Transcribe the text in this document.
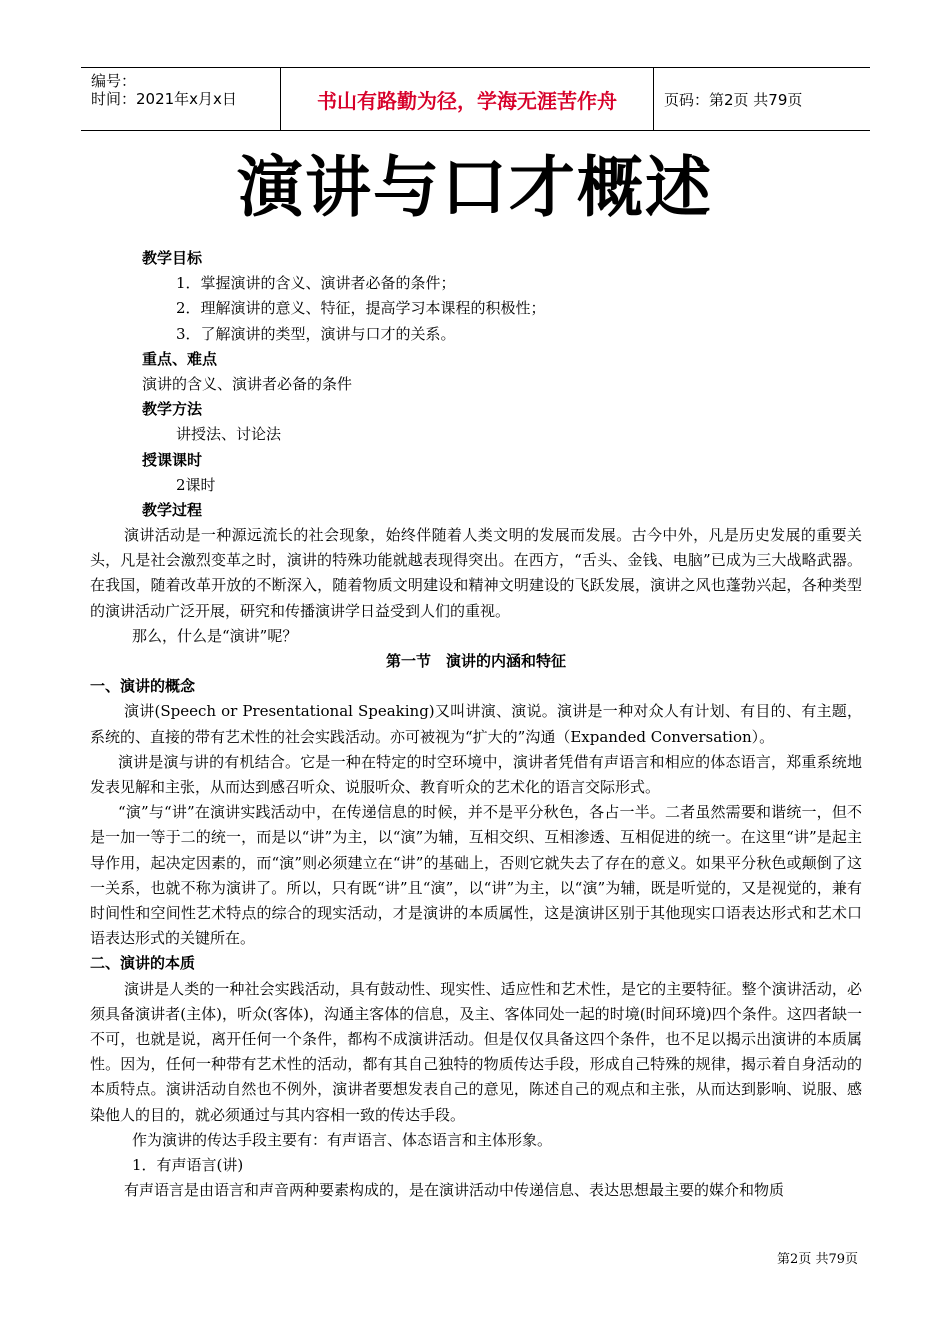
编号：
时间：2021年x月x日	书山有路勤为径，学海无涯苦作舟	页码：第2页 共79页
演讲与口才概述
教学目标
1．掌握演讲的含义、演讲者必备的条件；
2．理解演讲的意义、特征，提高学习本课程的积极性；
3．了解演讲的类型，演讲与口才的关系。
重点、难点
演讲的含义、演讲者必备的条件
教学方法
讲授法、讨论法
授课课时
2课时
教学过程

演讲活动是一种源远流长的社会现象，始终伴随着人类文明的发展而发展。古今中外，凡是历史发展的重要关头，凡是社会激烈变革之时，演讲的特殊功能就越表现得突出。在西方，“舌头、金钱、电脑”已成为三大战略武器。在我国，随着改革开放的不断深入，随着物质文明建设和精神文明建设的飞跃发展，演讲之风也蓬勃兴起，各种类型的演讲活动广泛开展，研究和传播演讲学日益受到人们的重视。

那么，什么是“演讲”呢？
第一节　演讲的内涵和特征
一、演讲的概念

演讲(Speech or Presentational Speaking)又叫讲演、演说。演讲是一种对众人有计划、有目的、有主题，系统的、直接的带有艺术性的社会实践活动。亦可被视为“扩大的”沟通（Expanded Conversation）。

演讲是演与讲的有机结合。它是一种在特定的时空环境中，演讲者凭借有声语言和相应的体态语言，郑重系统地发表见解和主张，从而达到感召听众、说服听众、教育听众的艺术化的语言交际形式。

“演”与“讲”在演讲实践活动中，在传递信息的时候，并不是平分秋色，各占一半。二者虽然需要和谐统一，但不是一加一等于二的统一，而是以“讲”为主，以“演”为辅，互相交织、互相渗透、互相促进的统一。在这里“讲”是起主导作用，起决定因素的，而“演”则必须建立在“讲”的基础上，否则它就失去了存在的意义。如果平分秋色或颠倒了这一关系，也就不称为演讲了。所以，只有既“讲”且“演”，以“讲”为主，以“演”为辅，既是听觉的，又是视觉的，兼有时间性和空间性艺术特点的综合的现实活动，才是演讲的本质属性，这是演讲区别于其他现实口语表达形式和艺术口语表达形式的关键所在。

二、演讲的本质

演讲是人类的一种社会实践活动，具有鼓动性、现实性、适应性和艺术性，是它的主要特征。整个演讲活动，必须具备演讲者(主体)，听众(客体)，沟通主客体的信息，及主、客体同处一起的时境(时间环境)四个条件。这四者缺一不可，也就是说，离开任何一个条件，都构不成演讲活动。但是仅仅具备这四个条件，也不足以揭示出演讲的本质属性。因为，任何一种带有艺术性的活动，都有其自己独特的物质传达手段，形成自己特殊的规律，揭示着自身活动的本质特点。演讲活动自然也不例外，演讲者要想发表自己的意见，陈述自己的观点和主张，从而达到影响、说服、感染他人的目的，就必须通过与其内容相一致的传达手段。

作为演讲的传达手段主要有：有声语言、体态语言和主体形象。
1．有声语言(讲)

有声语言是由语言和声音两种要素构成的，是在演讲活动中传递信息、表达思想最主要的媒介和物质

第2页 共79页
